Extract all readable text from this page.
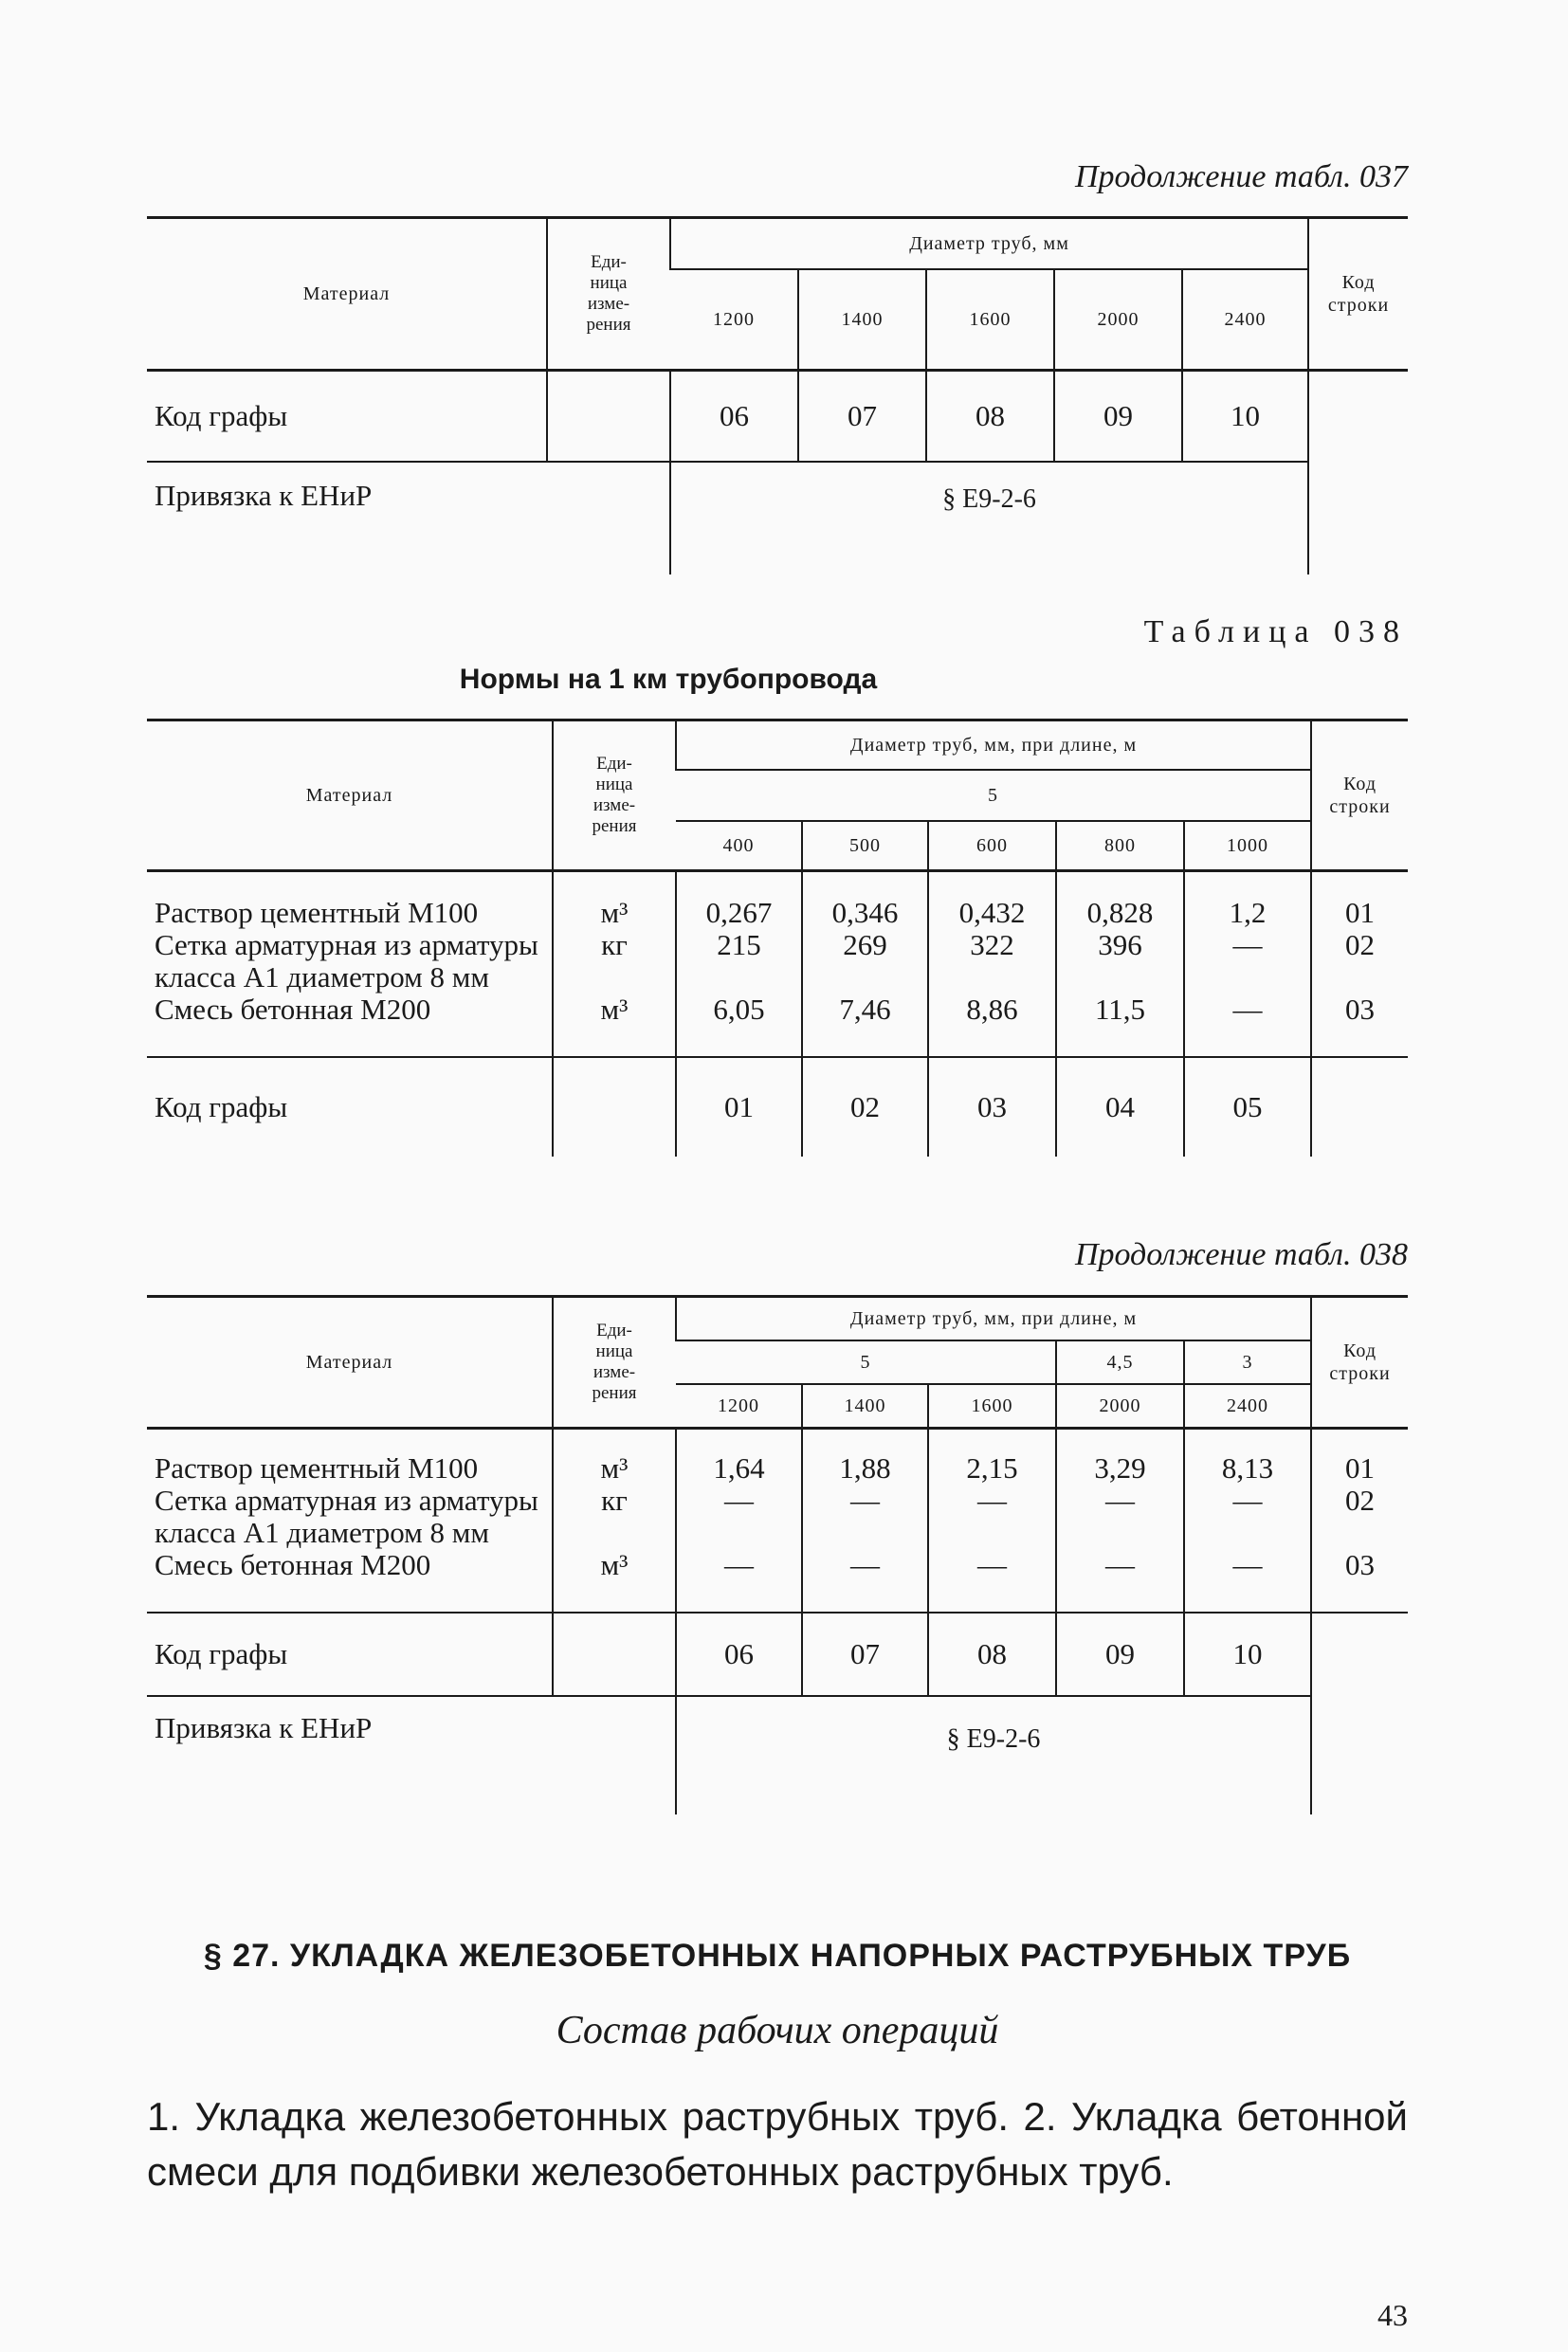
Продолжение табл. 037
Материал	Еди-
ница
изме-
рения	Диаметр труб, мм					Код
строки

		1200	1400	1600	2000	2400	
Код графы		06	07	08	09	10	
Привязка к ЕНиР		§ Е9-2-6					
Таблица 038
Нормы на 1 км трубопровода
Материал	Еди-
ница
изме-
рения	Диаметр труб, мм, при длине, м					Код
строки

		5					
		400	500	600	800	1000	
Раствор цементный М100	м³	0,267	0,346	0,432	0,828	1,2	01
Сетка арматурная из арматуры класса А1 диаметром 8 мм	кг	215	269	322	396	—	02
Смесь бетонная М200	м³	6,05	7,46	8,86	11,5	—	03
Код графы		01	02	03	04	05	
Продолжение табл. 038
Материал	Еди-
ница
изме-
рения	Диаметр труб, мм, при длине, м					Код
строки

		5			4,5	3	
		1200	1400	1600	2000	2400	
Раствор цементный М100	м³	1,64	1,88	2,15	3,29	8,13	01
Сетка арматурная из арматуры класса А1 диаметром 8 мм	кг	—	—	—	—	—	02
Смесь бетонная М200	м³	—	—	—	—	—	03
Код графы		06	07	08	09	10	
Привязка к ЕНиР		§ Е9-2-6					
§ 27. УКЛАДКА ЖЕЛЕЗОБЕТОННЫХ НАПОРНЫХ РАСТРУБНЫХ ТРУБ
Состав рабочих операций
1. Укладка железобетонных раструбных труб. 2. Укладка бетонной смеси для подбивки железобетонных раструбных труб.
43
